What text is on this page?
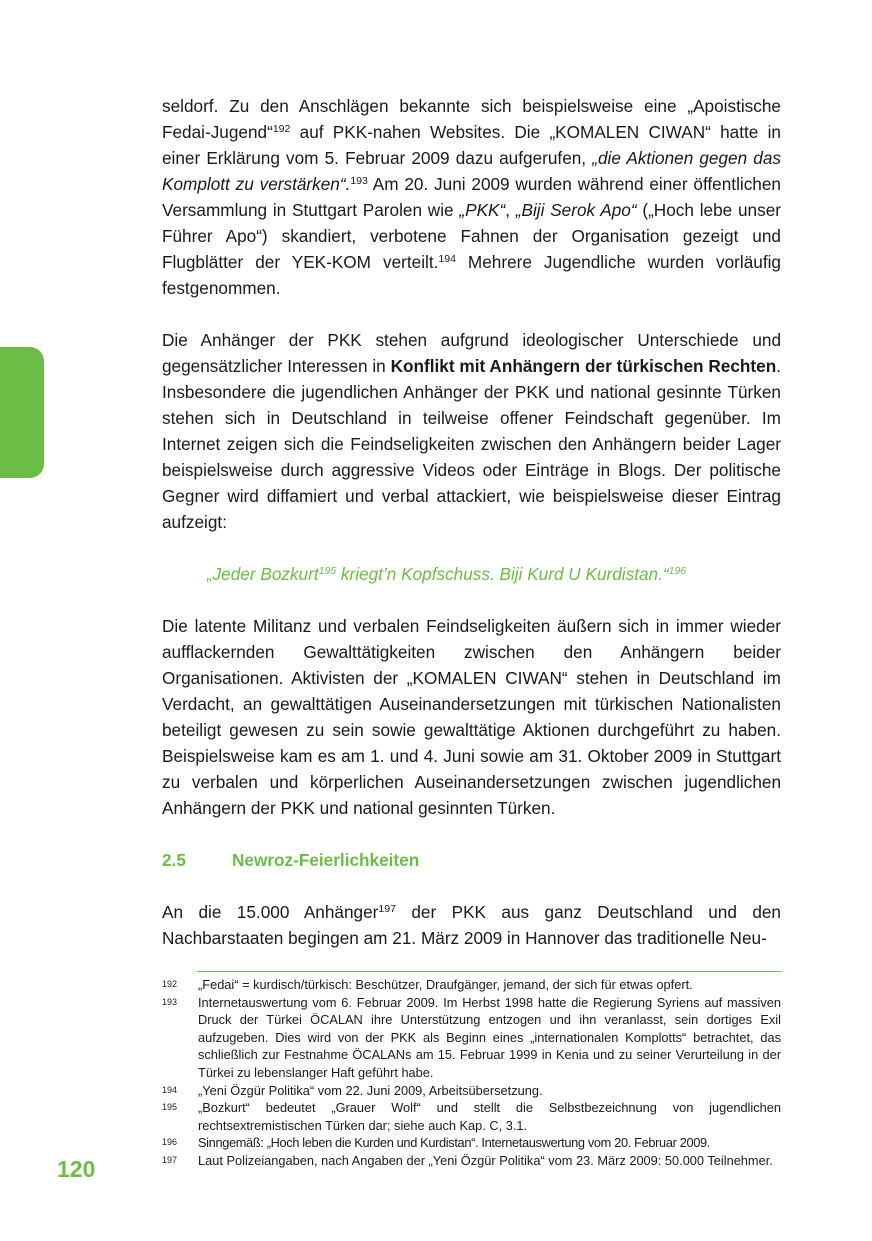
seldorf. Zu den Anschlägen bekannte sich beispielsweise eine „Apoistische Fedai-Jugend“$^{192}$ auf PKK-nahen Websites. Die „KOMALEN CIWAN“ hatte in einer Erklärung vom 5. Februar 2009 dazu aufgerufen, „die Aktionen gegen das Komplott zu verstärken“.$^{193}$ Am 20. Juni 2009 wurden während einer öffentlichen Versammlung in Stuttgart Parolen wie „PKK“, „Biji Serok Apo“ („Hoch lebe unser Führer Apo“) skandiert, verbotene Fahnen der Organisation gezeigt und Flugblätter der YEK-KOM verteilt.$^{194}$ Mehrere Jugendliche wurden vorläufig festgenommen.

Die Anhänger der PKK stehen aufgrund ideologischer Unterschiede und gegensätzlicher Interessen in Konflikt mit Anhängern der türkischen Rechten. Insbesondere die jugendlichen Anhänger der PKK und national gesinnte Türken stehen sich in Deutschland in teilweise offener Feindschaft gegenüber. Im Internet zeigen sich die Feindseligkeiten zwischen den Anhängern beider Lager beispielsweise durch aggressive Videos oder Einträge in Blogs. Der politische Gegner wird diffamiert und verbal attackiert, wie beispielsweise dieser Eintrag aufzeigt:

„Jeder Bozkurt$^{195}$ kriegt’n Kopfschuss. Biji Kurd U Kurdistan.“$^{196}$

Die latente Militanz und verbalen Feindseligkeiten äußern sich in immer wieder aufflackernden Gewalttätigkeiten zwischen den Anhängern beider Organisationen. Aktivisten der „KOMALEN CIWAN“ stehen in Deutschland im Verdacht, an gewalttätigen Auseinandersetzungen mit türkischen Nationalisten beteiligt gewesen zu sein sowie gewalttätige Aktionen durchgeführt zu haben. Beispielsweise kam es am 1. und 4. Juni sowie am 31. Oktober 2009 in Stuttgart zu verbalen und körperlichen Auseinandersetzungen zwischen jugendlichen Anhängern der PKK und national gesinnten Türken.

2.5	Newroz-Feierlichkeiten

An die 15.000 Anhänger$^{197}$ der PKK aus ganz Deutschland und den Nachbarstaaten begingen am 21. März 2009 in Hannover das traditionelle Neu-

192	„Fedai“ = kurdisch/türkisch: Beschützer, Draufgänger, jemand, der sich für etwas opfert.
193	Internetauswertung vom 6. Februar 2009. Im Herbst 1998 hatte die Regierung Syriens auf massiven Druck der Türkei ÖCALAN ihre Unterstützung entzogen und ihn veranlasst, sein dortiges Exil aufzugeben. Dies wird von der PKK als Beginn eines „internationalen Komplotts“ betrachtet, das schließlich zur Festnahme ÖCALANs am 15. Februar 1999 in Kenia und zu seiner Verurteilung in der Türkei zu lebenslanger Haft geführt habe.
194	„Yeni Özgür Politika“ vom 22. Juni 2009, Arbeitsübersetzung.
195	„Bozkurt“ bedeutet „Grauer Wolf“ und stellt die Selbstbezeichnung von jugendlichen rechtsextremistischen Türken dar; siehe auch Kap. C, 3.1.
196	Sinngemäß: „Hoch leben die Kurden und Kurdistan“. Internetauswertung vom 20. Februar 2009.
197	Laut Polizeiangaben, nach Angaben der „Yeni Özgür Politika“ vom 23. März 2009: 50.000 Teilnehmer.
120
